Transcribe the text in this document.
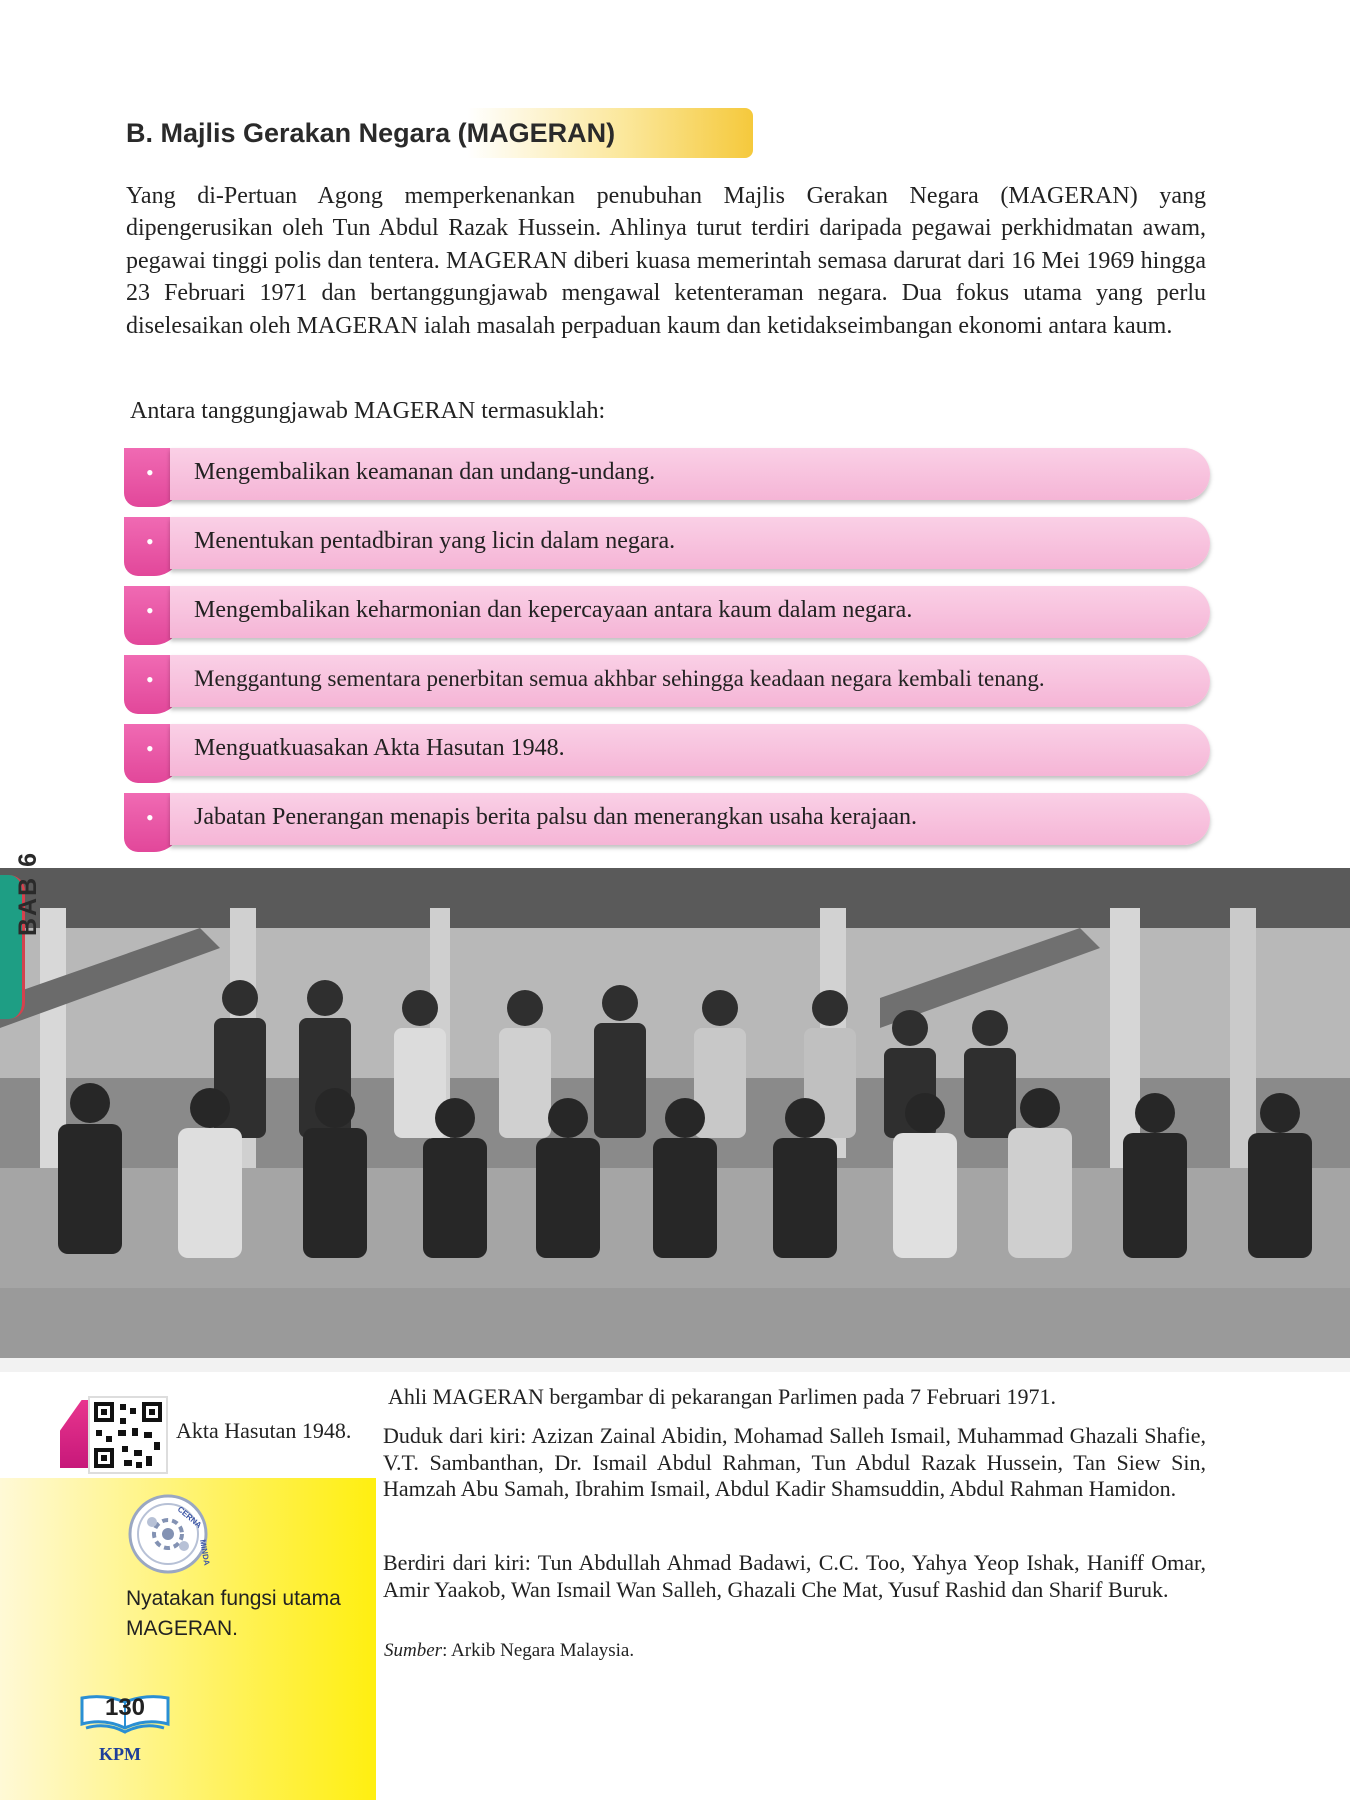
B. Majlis Gerakan Negara (MAGERAN)
Yang di-Pertuan Agong memperkenankan penubuhan Majlis Gerakan Negara (MAGERAN) yang dipengerusikan oleh Tun Abdul Razak Hussein. Ahlinya turut terdiri daripada pegawai perkhidmatan awam, pegawai tinggi polis dan tentera. MAGERAN diberi kuasa memerintah semasa darurat dari 16 Mei 1969 hingga 23 Februari 1971 dan bertanggungjawab mengawal ketenteraman negara. Dua fokus utama yang perlu diselesaikan oleh MAGERAN ialah masalah perpaduan kaum dan ketidakseimbangan ekonomi antara kaum.
Antara tanggungjawab MAGERAN termasuklah:
• Mengembalikan keamanan dan undang-undang.
• Menentukan pentadbiran yang licin dalam negara.
• Mengembalikan keharmonian dan kepercayaan antara kaum dalam negara.
• Menggantung sementara penerbitan semua akhbar sehingga keadaan negara kembali tenang.
• Menguatkuasakan Akta Hasutan 1948.
• Jabatan Penerangan menapis berita palsu dan menerangkan usaha kerajaan.
BAB 6
Akta Hasutan 1948.
Ahli MAGERAN bergambar di pekarangan Parlimen pada 7 Februari 1971.
Duduk dari kiri: Azizan Zainal Abidin, Mohamad Salleh Ismail, Muhammad Ghazali Shafie, V.T. Sambanthan, Dr. Ismail Abdul Rahman, Tun Abdul Razak Hussein, Tan Siew Sin, Hamzah Abu Samah, Ibrahim Ismail, Abdul Kadir Shamsuddin, Abdul Rahman Hamidon.
Berdiri dari kiri: Tun Abdullah Ahmad Badawi, C.C. Too, Yahya Yeop Ishak, Haniff Omar, Amir Yaakob, Wan Ismail Wan Salleh, Ghazali Che Mat, Yusuf Rashid dan Sharif Buruk.
Sumber: Arkib Negara Malaysia.
CERNA
MINDA
Nyatakan fungsi utama MAGERAN.
130
KPM
